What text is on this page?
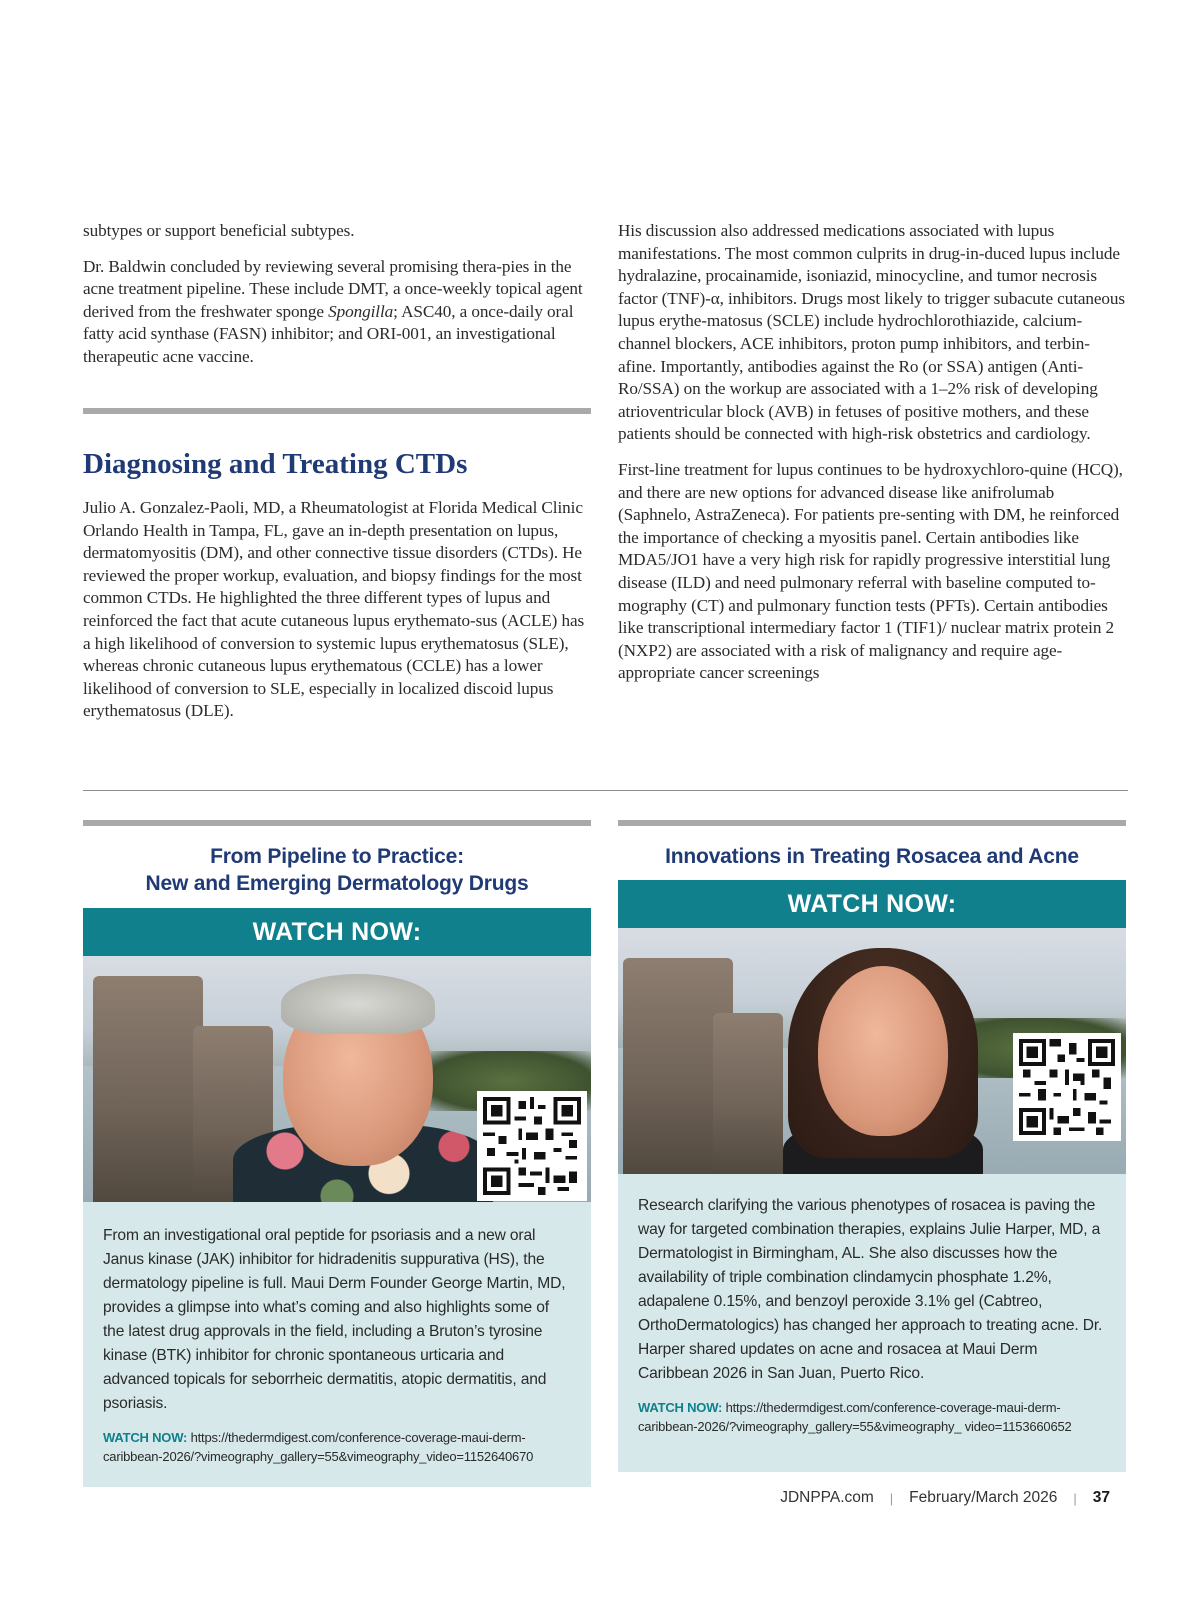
subtypes or support beneficial subtypes.

Dr. Baldwin concluded by reviewing several promising thera-pies in the acne treatment pipeline. These include DMT, a once-weekly topical agent derived from the freshwater sponge Spongilla; ASC40, a once-daily oral fatty acid synthase (FASN) inhibitor; and ORI-001, an investigational therapeutic acne vaccine.

Diagnosing and Treating CTDs

Julio A. Gonzalez-Paoli, MD, a Rheumatologist at Florida Medical Clinic Orlando Health in Tampa, FL, gave an in-depth presentation on lupus, dermatomyositis (DM), and other connective tissue disorders (CTDs). He reviewed the proper workup, evaluation, and biopsy findings for the most common CTDs. He highlighted the three different types of lupus and reinforced the fact that acute cutaneous lupus erythemato-sus (ACLE) has a high likelihood of conversion to systemic lupus erythematosus (SLE), whereas chronic cutaneous lupus erythematous (CCLE) has a lower likelihood of conversion to SLE, especially in localized discoid lupus erythematosus (DLE).

His discussion also addressed medications associated with lupus manifestations. The most common culprits in drug-in-duced lupus include hydralazine, procainamide, isoniazid, minocycline, and tumor necrosis factor (TNF)-α, inhibitors. Drugs most likely to trigger subacute cutaneous lupus erythe-matosus (SCLE) include hydrochlorothiazide, calcium-channel blockers, ACE inhibitors, proton pump inhibitors, and terbin-afine. Importantly, antibodies against the Ro (or SSA) antigen (Anti-Ro/SSA) on the workup are associated with a 1–2% risk of developing atrioventricular block (AVB) in fetuses of positive mothers, and these patients should be connected with high-risk obstetrics and cardiology.

First-line treatment for lupus continues to be hydroxychloro-quine (HCQ), and there are new options for advanced disease like anifrolumab (Saphnelo, AstraZeneca). For patients pre-senting with DM, he reinforced the importance of checking a myositis panel. Certain antibodies like MDA5/JO1 have a very high risk for rapidly progressive interstitial lung disease (ILD) and need pulmonary referral with baseline computed to-mography (CT) and pulmonary function tests (PFTs). Certain antibodies like transcriptional intermediary factor 1 (TIF1)/ nuclear matrix protein 2 (NXP2) are associated with a risk of malignancy and require age-appropriate cancer screenings

From Pipeline to Practice:
New and Emerging Dermatology Drugs
WATCH NOW:

From an investigational oral peptide for psoriasis and a new oral Janus kinase (JAK) inhibitor for hidradenitis suppurativa (HS), the dermatology pipeline is full. Maui Derm Founder George Martin, MD, provides a glimpse into what’s coming and also highlights some of the latest drug approvals in the field, including a Bruton’s tyrosine kinase (BTK) inhibitor for chronic spontaneous urticaria and advanced topicals for seborrheic dermatitis, atopic dermatitis, and psoriasis.

WATCH NOW: https://thedermdigest.com/conference-coverage-maui-derm-caribbean-2026/?vimeography_gallery=55&vimeography_video=1152640670
Innovations in Treating Rosacea and Acne
WATCH NOW:

Research clarifying the various phenotypes of rosacea is paving the way for targeted combination therapies, explains Julie Harper, MD, a Dermatologist in Birmingham, AL. She also discusses how the availability of triple combination clindamycin phosphate 1.2%, adapalene 0.15%, and benzoyl peroxide 3.1% gel (Cabtreo, OrthoDermatologics) has changed her approach to treating acne. Dr. Harper shared updates on acne and rosacea at Maui Derm Caribbean 2026 in San Juan, Puerto Rico.

WATCH NOW: https://thedermdigest.com/conference-coverage-maui-derm-caribbean-2026/?vimeography_gallery=55&vimeography_ video=1153660652
JDNPPA.com | February/March 2026 | 37
